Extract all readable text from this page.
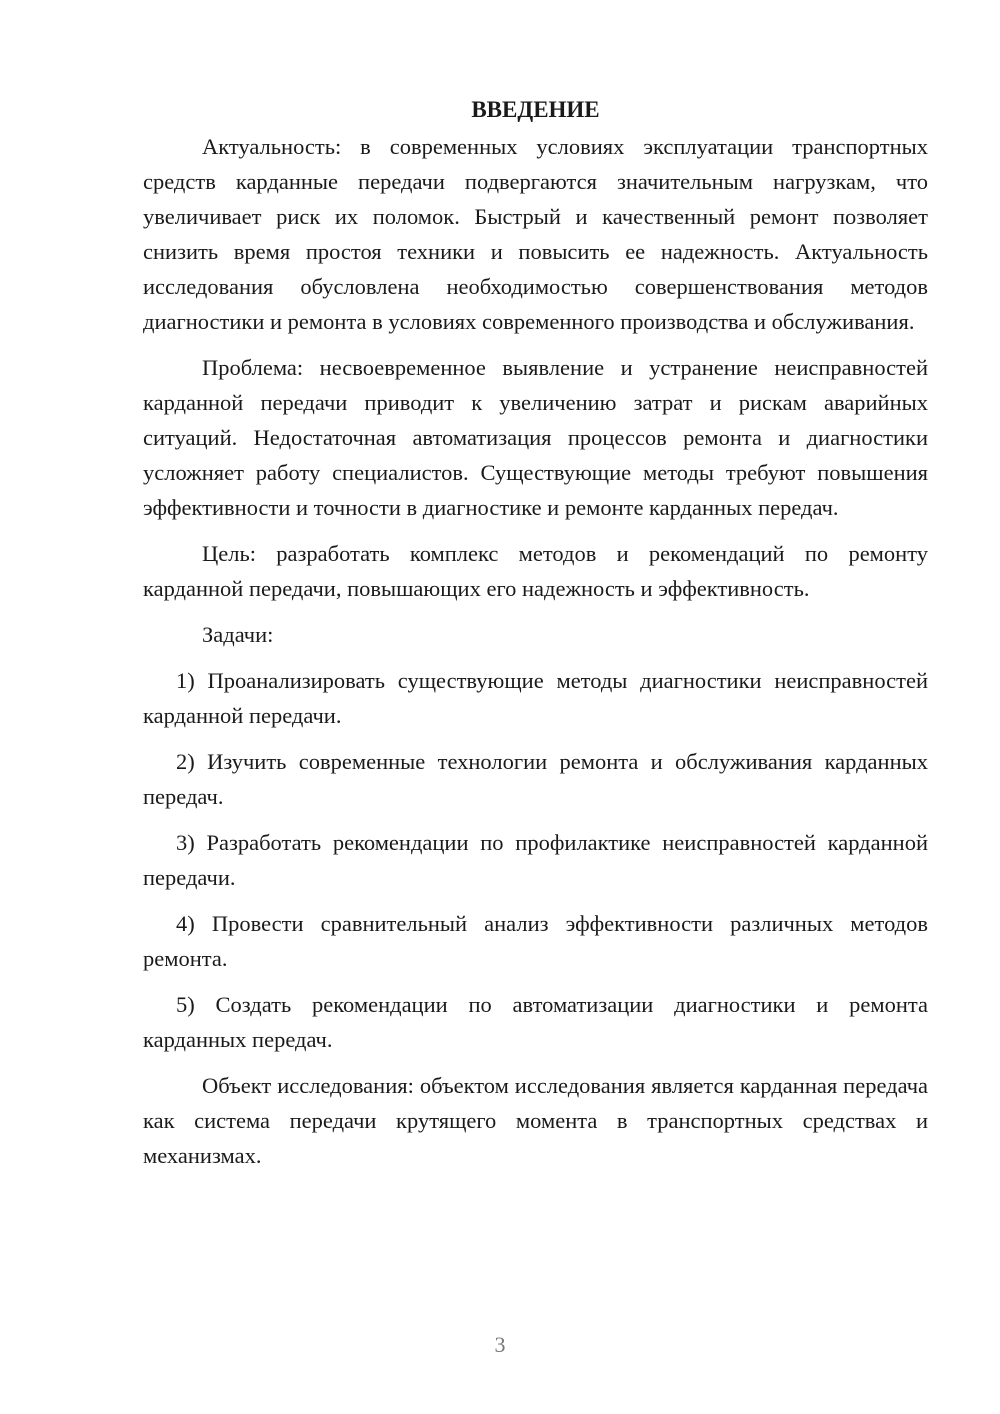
ВВЕДЕНИЕ

Актуальность: в современных условиях эксплуатации транспортных средств карданные передачи подвергаются значительным нагрузкам, что увеличивает риск их поломок. Быстрый и качественный ремонт позволяет снизить время простоя техники и повысить ее надежность. Актуальность исследования обусловлена необходимостью совершенствования методов диагностики и ремонта в условиях современного производства и обслуживания.

Проблема: несвоевременное выявление и устранение неисправностей карданной передачи приводит к увеличению затрат и рискам аварийных ситуаций. Недостаточная автоматизация процессов ремонта и диагностики усложняет работу специалистов. Существующие методы требуют повышения эффективности и точности в диагностике и ремонте карданных передач.

Цель: разработать комплекс методов и рекомендаций по ремонту карданной передачи, повышающих его надежность и эффективность.

Задачи:

1) Проанализировать существующие методы диагностики неисправностей карданной передачи.

2) Изучить современные технологии ремонта и обслуживания карданных передач.

3) Разработать рекомендации по профилактике неисправностей карданной передачи.

4) Провести сравнительный анализ эффективности различных методов ремонта.

5) Создать рекомендации по автоматизации диагностики и ремонта карданных передач.

Объект исследования: объектом исследования является карданная передача как система передачи крутящего момента в транспортных средствах и механизмах.

3
